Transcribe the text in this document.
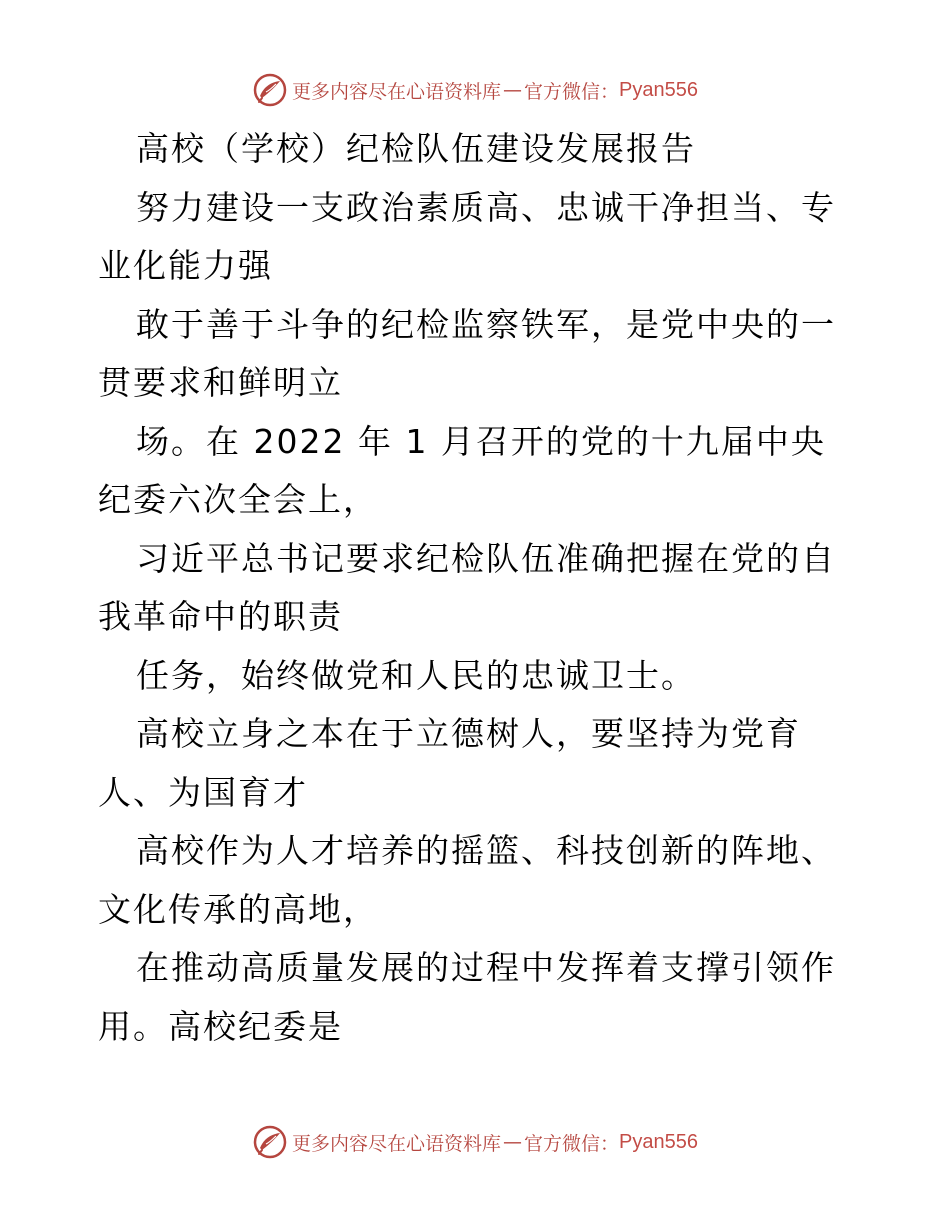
更多内容尽在心语资料库 — 官方微信： Pyan556

高校（学校）纪检队伍建设发展报告

努力建设一支政治素质高、忠诚干净担当、专业化能力强

敢于善于斗争的纪检监察铁军，是党中央的一贯要求和鲜明立

场。在 2022 年 1 月召开的党的十九届中央纪委六次全会上，

习近平总书记要求纪检队伍准确把握在党的自我革命中的职责

任务，始终做党和人民的忠诚卫士。

高校立身之本在于立德树人，要坚持为党育人、为国育才

高校作为人才培养的摇篮、科技创新的阵地、文化传承的高地，

在推动高质量发展的过程中发挥着支撑引领作用。高校纪委是

更多内容尽在心语资料库 — 官方微信： Pyan556
